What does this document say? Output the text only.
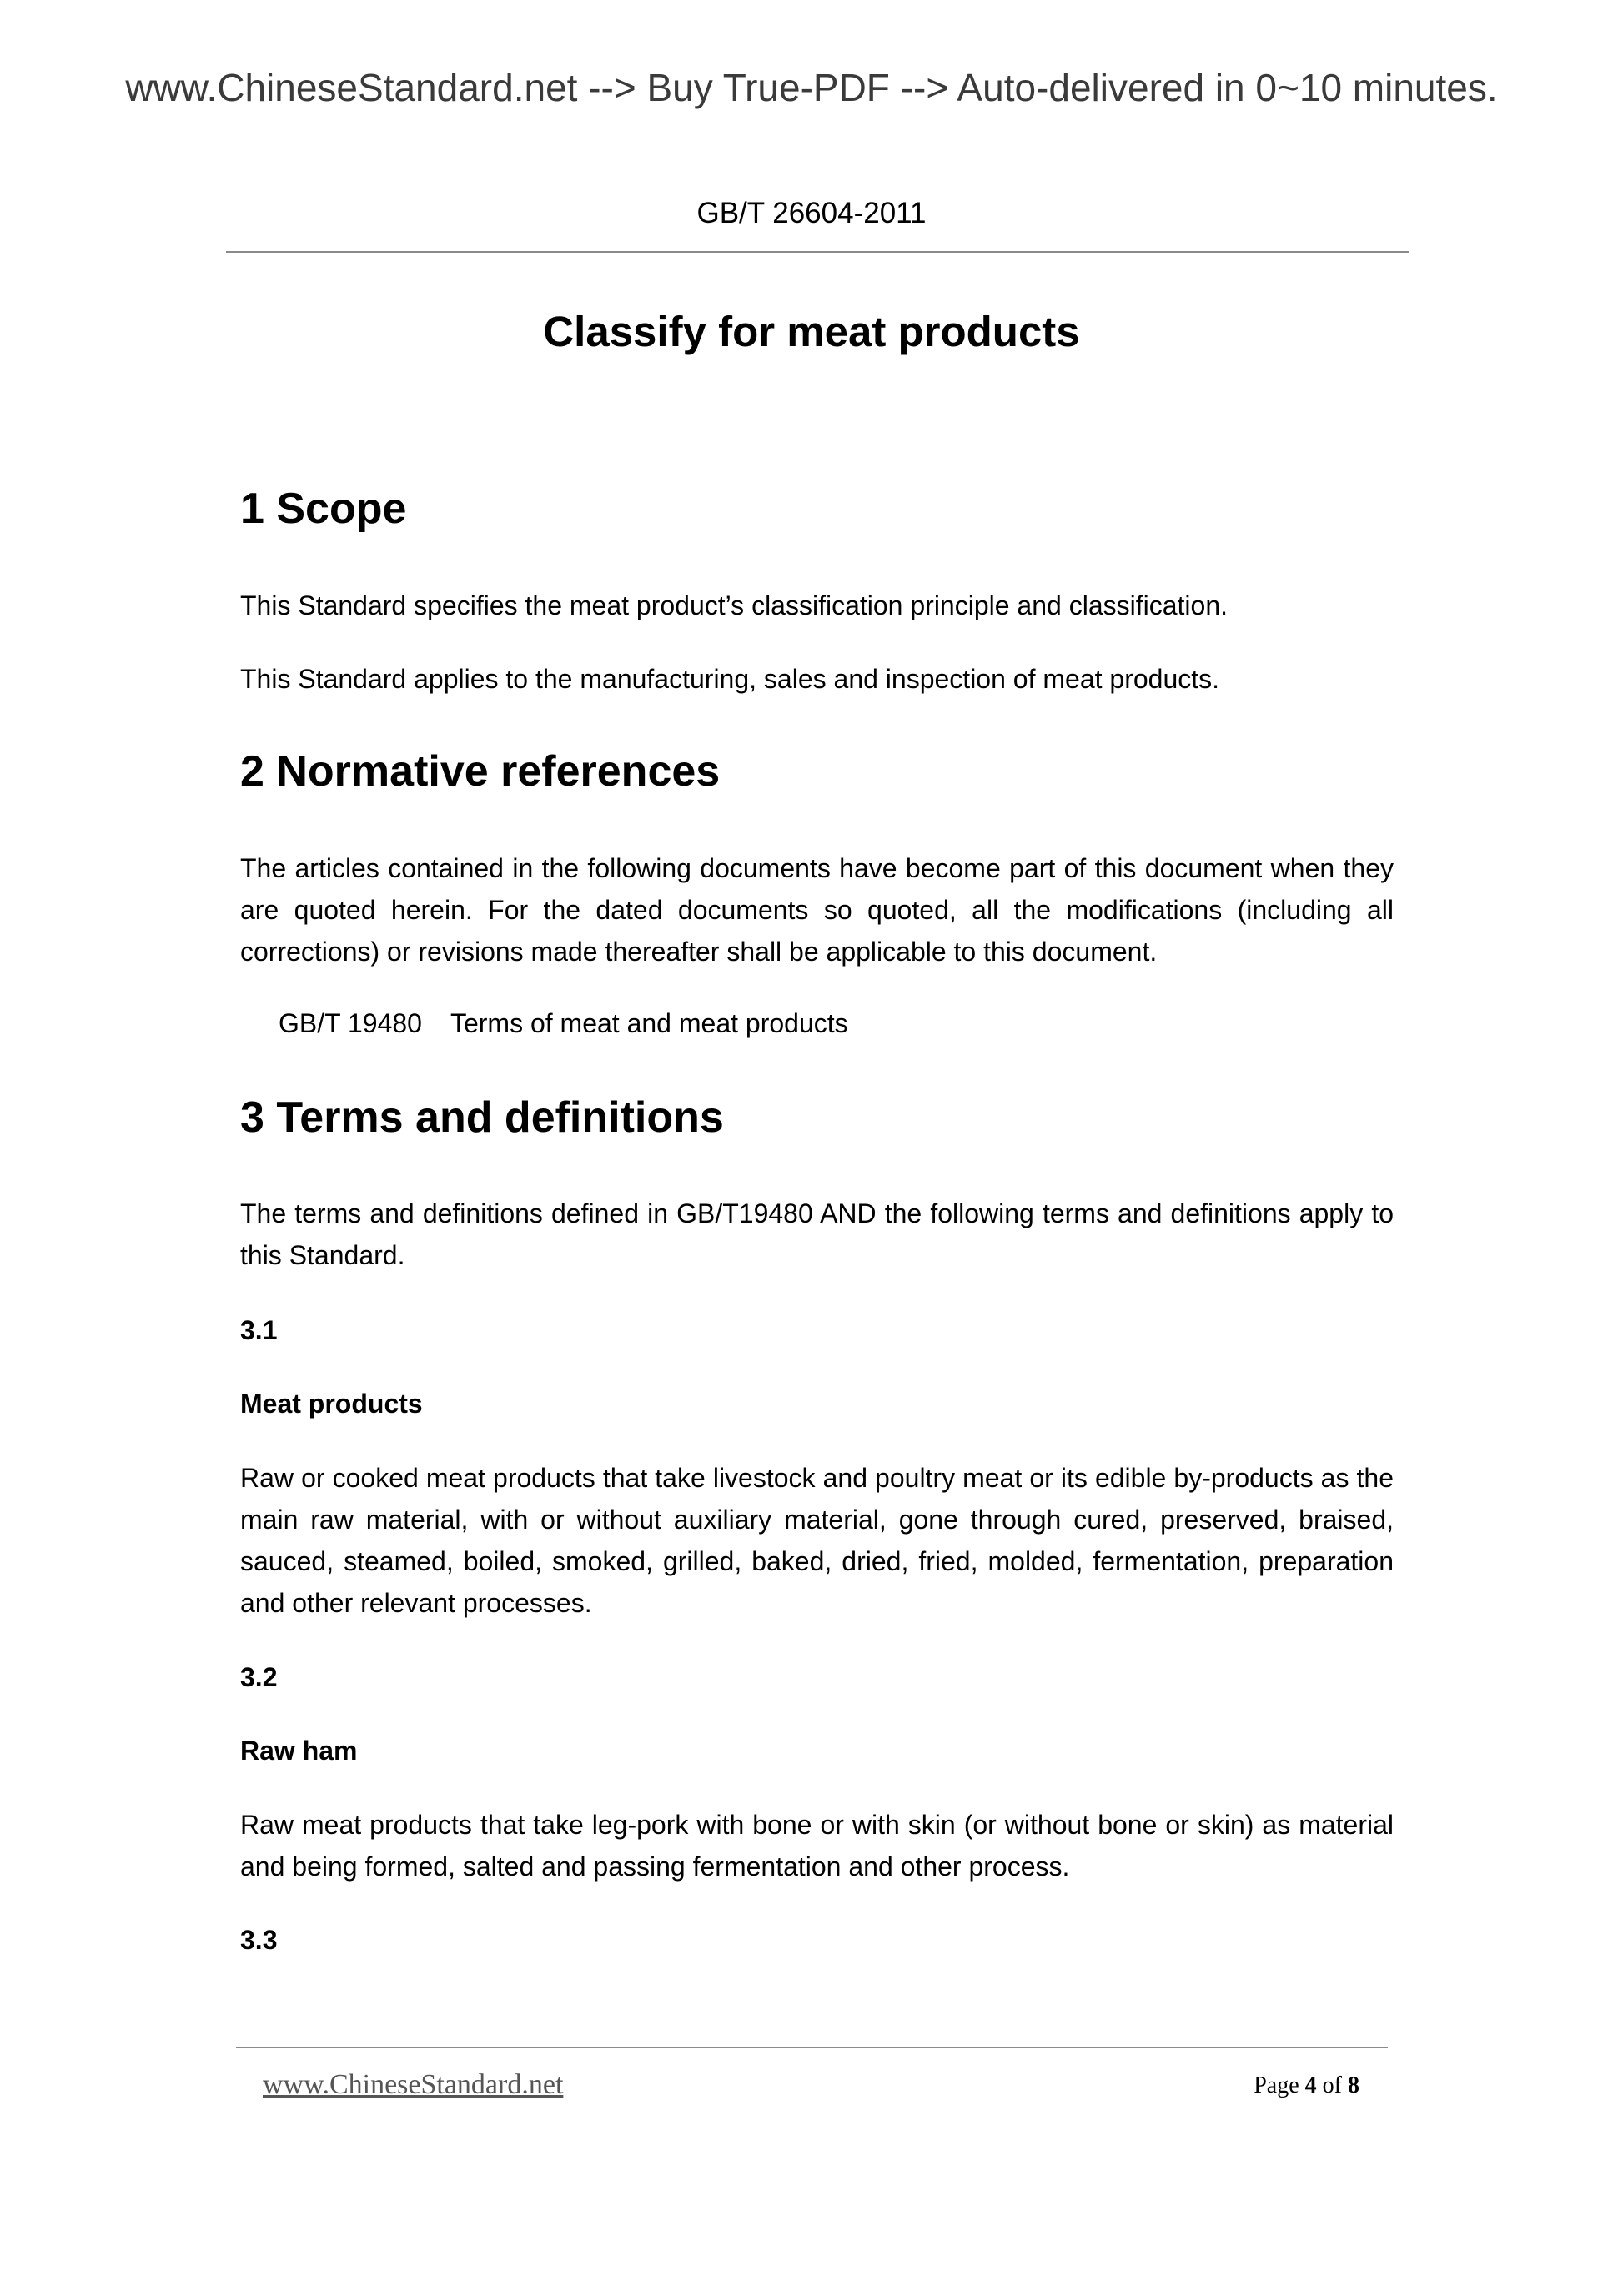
www.ChineseStandard.net --> Buy True-PDF --> Auto-delivered in 0~10 minutes.
GB/T 26604-2011
Classify for meat products
1 Scope
This Standard specifies the meat product’s classification principle and classification.
This Standard applies to the manufacturing, sales and inspection of meat products.
2 Normative references
The articles contained in the following documents have become part of this document when they are quoted herein. For the dated documents so quoted, all the modifications (including all corrections) or revisions made thereafter shall be applicable to this document.
GB/T 19480 Terms of meat and meat products
3 Terms and definitions
The terms and definitions defined in GB/T19480 AND the following terms and definitions apply to this Standard.
3.1
Meat products
Raw or cooked meat products that take livestock and poultry meat or its edible by-products as the main raw material, with or without auxiliary material, gone through cured, preserved, braised, sauced, steamed, boiled, smoked, grilled, baked, dried, fried, molded, fermentation, preparation and other relevant processes.
3.2
Raw ham
Raw meat products that take leg-pork with bone or with skin (or without bone or skin) as material and being formed, salted and passing fermentation and other process.
3.3
www.ChineseStandard.net	Page 4 of 8
